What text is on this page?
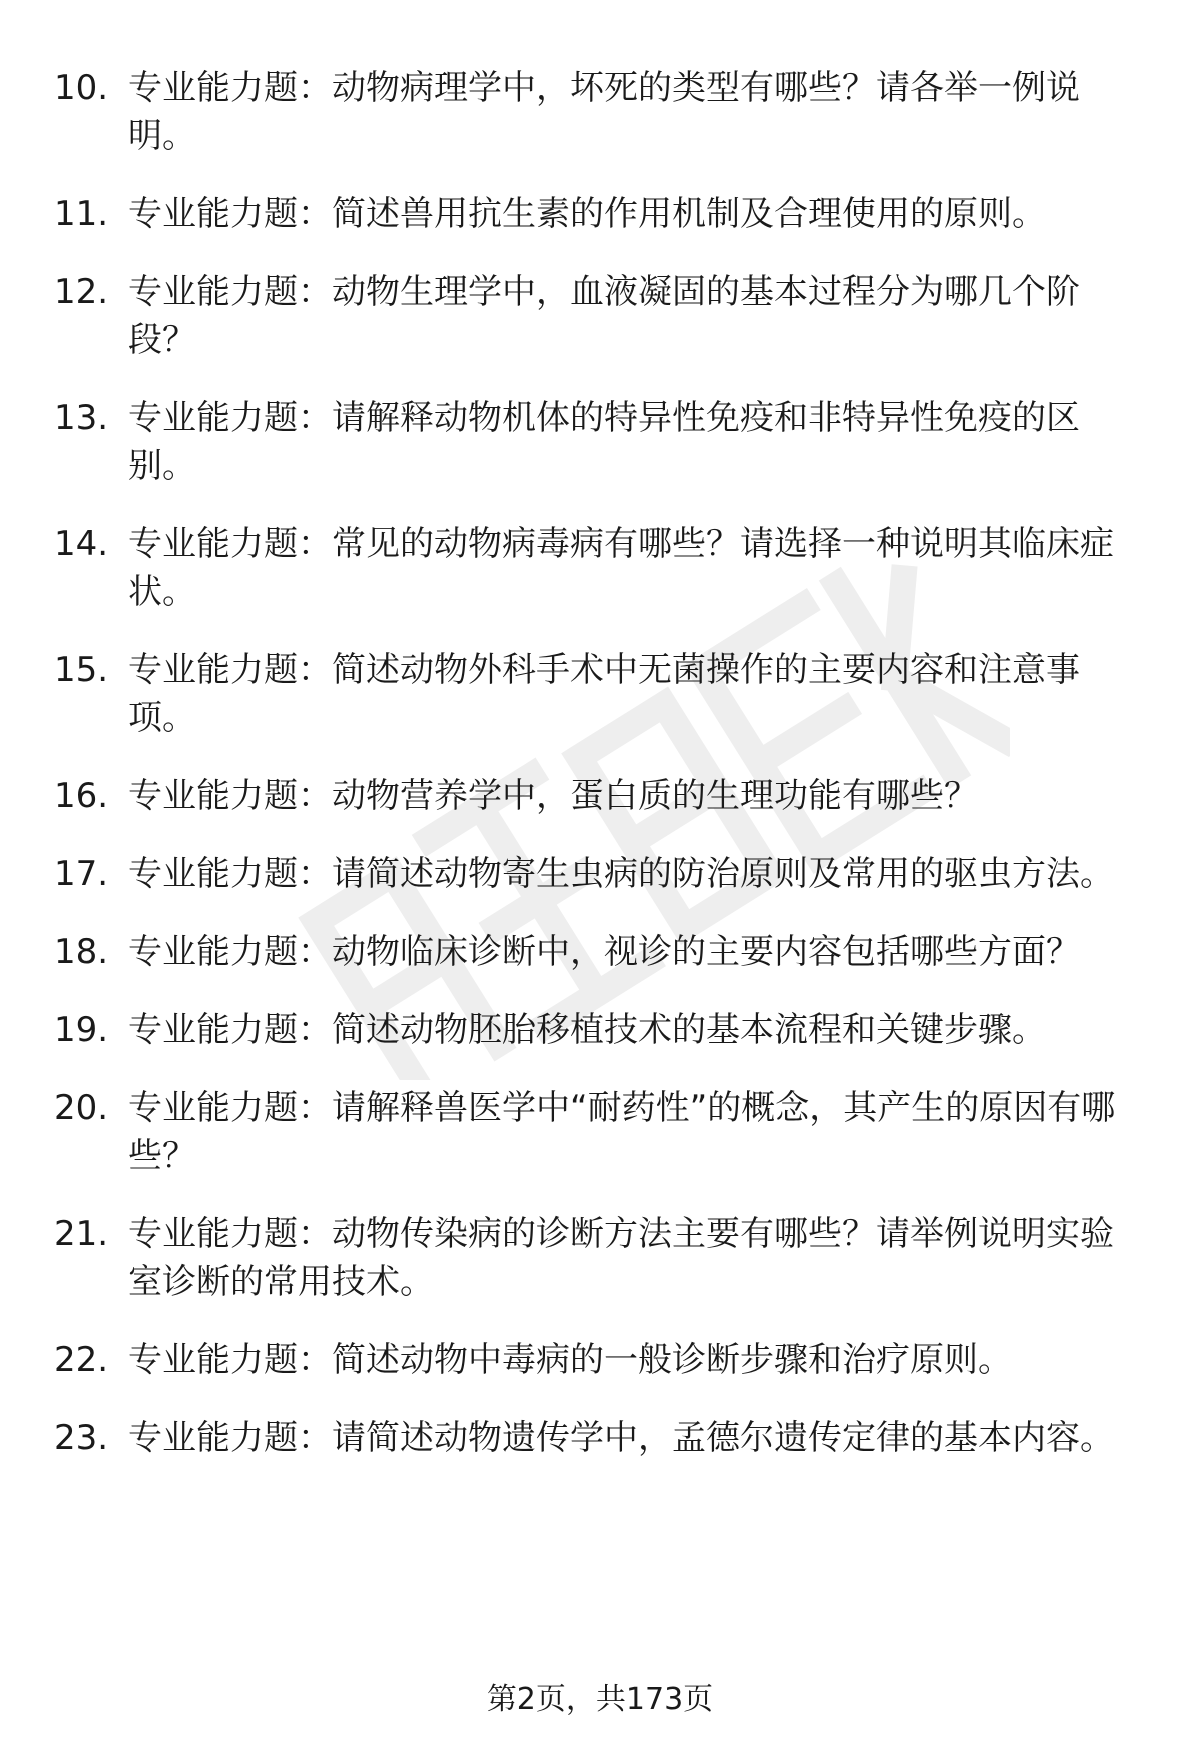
10. 专业能力题：动物病理学中，坏死的类型有哪些？请各举一例说明。
11. 专业能力题：简述兽用抗生素的作用机制及合理使用的原则。
12. 专业能力题：动物生理学中，血液凝固的基本过程分为哪几个阶段？
13. 专业能力题：请解释动物机体的特异性免疫和非特异性免疫的区别。
14. 专业能力题：常见的动物病毒病有哪些？请选择一种说明其临床症状。
15. 专业能力题：简述动物外科手术中无菌操作的主要内容和注意事项。
16. 专业能力题：动物营养学中，蛋白质的生理功能有哪些？
17. 专业能力题：请简述动物寄生虫病的防治原则及常用的驱虫方法。
18. 专业能力题：动物临床诊断中，视诊的主要内容包括哪些方面？
19. 专业能力题：简述动物胚胎移植技术的基本流程和关键步骤。
20. 专业能力题：请解释兽医学中“耐药性”的概念，其产生的原因有哪些？
21. 专业能力题：动物传染病的诊断方法主要有哪些？请举例说明实验室诊断的常用技术。
22. 专业能力题：简述动物中毒病的一般诊断步骤和治疗原则。
23. 专业能力题：请简述动物遗传学中，孟德尔遗传定律的基本内容。
第2页，共173页
